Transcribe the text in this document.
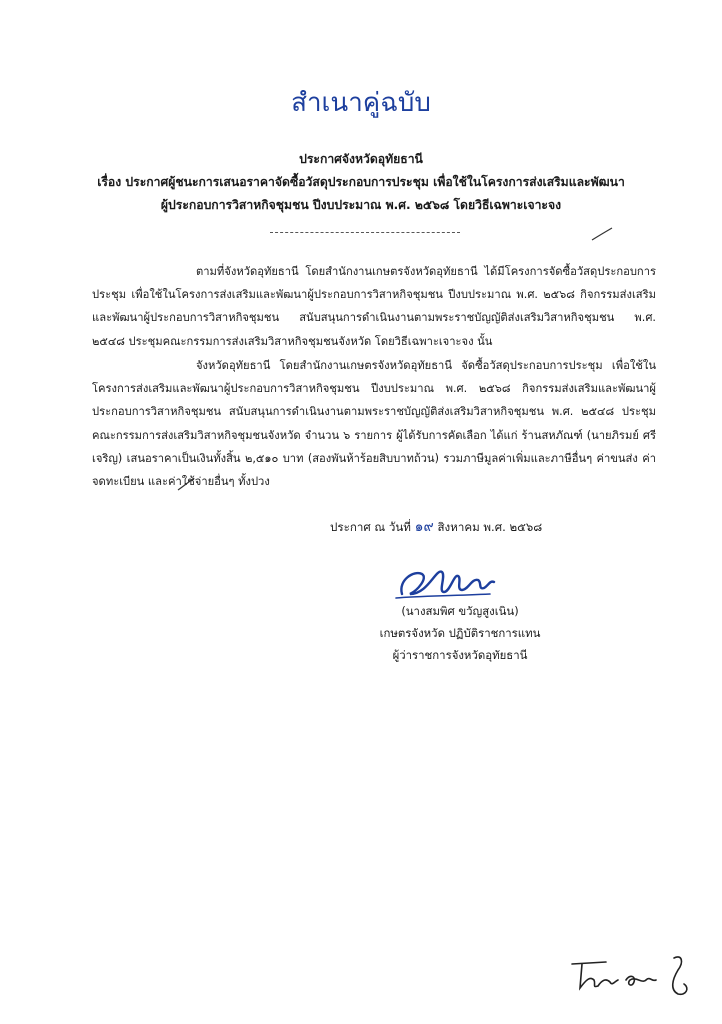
สำเนาคู่ฉบับ
ประกาศจังหวัดอุทัยธานี
เรื่อง ประกาศผู้ชนะการเสนอราคาจัดซื้อวัสดุประกอบการประชุม เพื่อใช้ในโครงการส่งเสริมและพัฒนา
ผู้ประกอบการวิสาหกิจชุมชน ปีงบประมาณ พ.ศ. ๒๕๖๘ โดยวิธีเฉพาะเจาะจง
ตามที่จังหวัดอุทัยธานี โดยสำนักงานเกษตรจังหวัดอุทัยธานี ได้มีโครงการจัดซื้อวัสดุประกอบการประชุม เพื่อใช้ในโครงการส่งเสริมและพัฒนาผู้ประกอบการวิสาหกิจชุมชน ปีงบประมาณ พ.ศ. ๒๕๖๘ กิจกรรมส่งเสริมและพัฒนาผู้ประกอบการวิสาหกิจชุมชน สนับสนุนการดำเนินงานตามพระราชบัญญัติส่งเสริมวิสาหกิจชุมชน พ.ศ. ๒๕๔๘ ประชุมคณะกรรมการส่งเสริมวิสาหกิจชุมชนจังหวัด โดยวิธีเฉพาะเจาะจง นั้น
จังหวัดอุทัยธานี โดยสำนักงานเกษตรจังหวัดอุทัยธานี จัดซื้อวัสดุประกอบการประชุม เพื่อใช้ในโครงการส่งเสริมและพัฒนาผู้ประกอบการวิสาหกิจชุมชน ปีงบประมาณ พ.ศ. ๒๕๖๘ กิจกรรมส่งเสริมและพัฒนาผู้ประกอบการวิสาหกิจชุมชน สนับสนุนการดำเนินงานตามพระราชบัญญัติส่งเสริมวิสาหกิจชุมชน พ.ศ. ๒๕๔๘ ประชุมคณะกรรมการส่งเสริมวิสาหกิจชุมชนจังหวัด จำนวน ๖ รายการ ผู้ได้รับการคัดเลือก ได้แก่ ร้านสหภัณฑ์ (นายภิรมย์ ศรีเจริญ) เสนอราคาเป็นเงินทั้งสิ้น ๒,๕๑๐ บาท (สองพันห้าร้อยสิบบาทถ้วน) รวมภาษีมูลค่าเพิ่มและภาษีอื่นๆ ค่าขนส่ง ค่าจดทะเบียน และค่าใช้จ่ายอื่นๆ ทั้งปวง
ประกาศ ณ วันที่ ๑๙ สิงหาคม พ.ศ. ๒๕๖๘
(นางสมพิศ ขวัญสูงเนิน)
เกษตรจังหวัด ปฏิบัติราชการแทน
ผู้ว่าราชการจังหวัดอุทัยธานี
